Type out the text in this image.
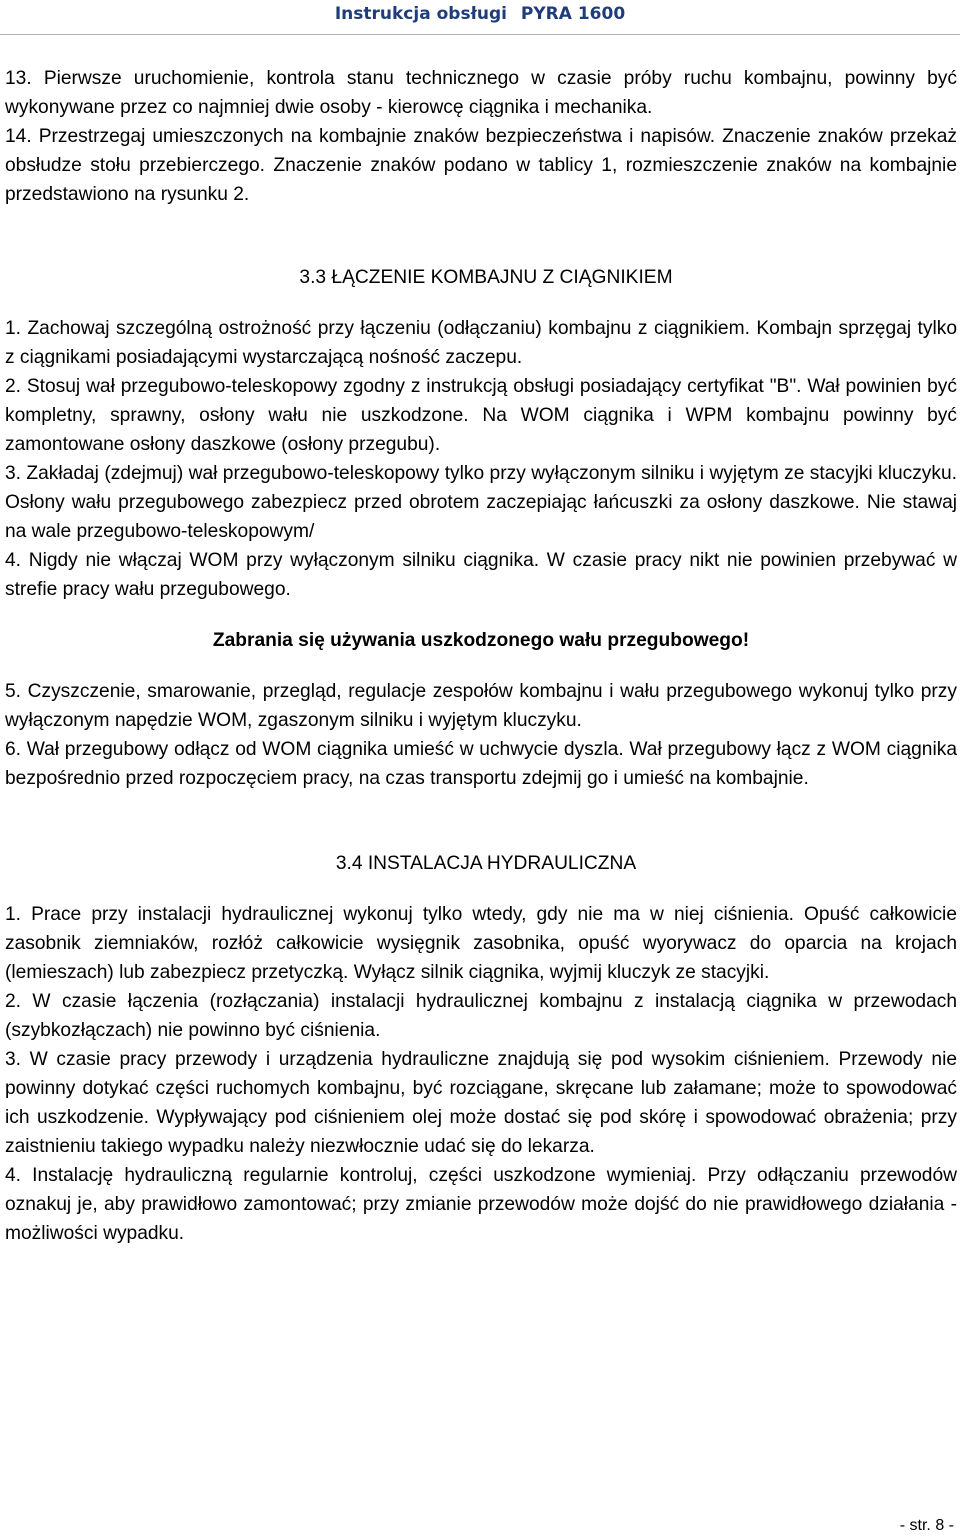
Instrukcja obsługi PYRA 1600

13. Pierwsze uruchomienie, kontrola stanu technicznego w czasie próby ruchu kombajnu, powinny być wykonywane przez co najmniej dwie osoby - kierowcę ciągnika i mechanika.

14. Przestrzegaj umieszczonych na kombajnie znaków bezpieczeństwa i napisów. Znaczenie znaków przekaż obsłudze stołu przebierczego. Znaczenie znaków podano w tablicy 1, rozmieszczenie znaków na kombajnie przedstawiono na rysunku 2.

3.3 ŁĄCZENIE KOMBAJNU Z CIĄGNIKIEM

1. Zachowaj szczególną ostrożność przy łączeniu (odłączaniu) kombajnu z ciągnikiem. Kombajn sprzęgaj tylko z ciągnikami posiadającymi wystarczającą nośność zaczepu.

2. Stosuj wał przegubowo-teleskopowy zgodny z instrukcją obsługi posiadający certyfikat "B". Wał powinien być kompletny, sprawny, osłony wału nie uszkodzone. Na WOM ciągnika i WPM kombajnu powinny być zamontowane osłony daszkowe (osłony przegubu).

3. Zakładaj (zdejmuj) wał przegubowo-teleskopowy tylko przy wyłączonym silniku i wyjętym ze stacyjki kluczyku. Osłony wału przegubowego zabezpiecz przed obrotem zaczepiając łańcuszki za osłony daszkowe. Nie stawaj na wale przegubowo-teleskopowym/

4. Nigdy nie włączaj WOM przy wyłączonym silniku ciągnika. W czasie pracy nikt nie powinien przebywać w strefie pracy wału przegubowego.

Zabrania się używania uszkodzonego wału przegubowego!

5. Czyszczenie, smarowanie, przegląd, regulacje zespołów kombajnu i wału przegubowego wykonuj tylko przy wyłączonym napędzie WOM, zgaszonym silniku i wyjętym kluczyku.

6. Wał przegubowy odłącz od WOM ciągnika umieść w uchwycie dyszla. Wał przegubowy łącz z WOM ciągnika bezpośrednio przed rozpoczęciem pracy, na czas transportu zdejmij go i umieść na kombajnie.

3.4 INSTALACJA HYDRAULICZNA

1. Prace przy instalacji hydraulicznej wykonuj tylko wtedy, gdy nie ma w niej ciśnienia. Opuść całkowicie zasobnik ziemniaków, rozłóż całkowicie wysięgnik zasobnika, opuść wyorywacz do oparcia na krojach (lemieszach) lub zabezpiecz przetyczką. Wyłącz silnik ciągnika, wyjmij kluczyk ze stacyjki.

2. W czasie łączenia (rozłączania) instalacji hydraulicznej kombajnu z instalacją ciągnika w przewodach (szybkozłączach) nie powinno być ciśnienia.

3. W czasie pracy przewody i urządzenia hydrauliczne znajdują się pod wysokim ciśnieniem. Przewody nie powinny dotykać części ruchomych kombajnu, być rozciągane, skręcane lub załamane; może to spowodować ich uszkodzenie. Wypływający pod ciśnieniem olej może dostać się pod skórę i spowodować obrażenia; przy zaistnieniu takiego wypadku należy niezwłocznie udać się do lekarza.

4. Instalację hydrauliczną regularnie kontroluj, części uszkodzone wymieniaj. Przy odłączaniu przewodów oznakuj je, aby prawidłowo zamontować; przy zmianie przewodów może dojść do nie prawidłowego działania - możliwości wypadku.

- str. 8 -
